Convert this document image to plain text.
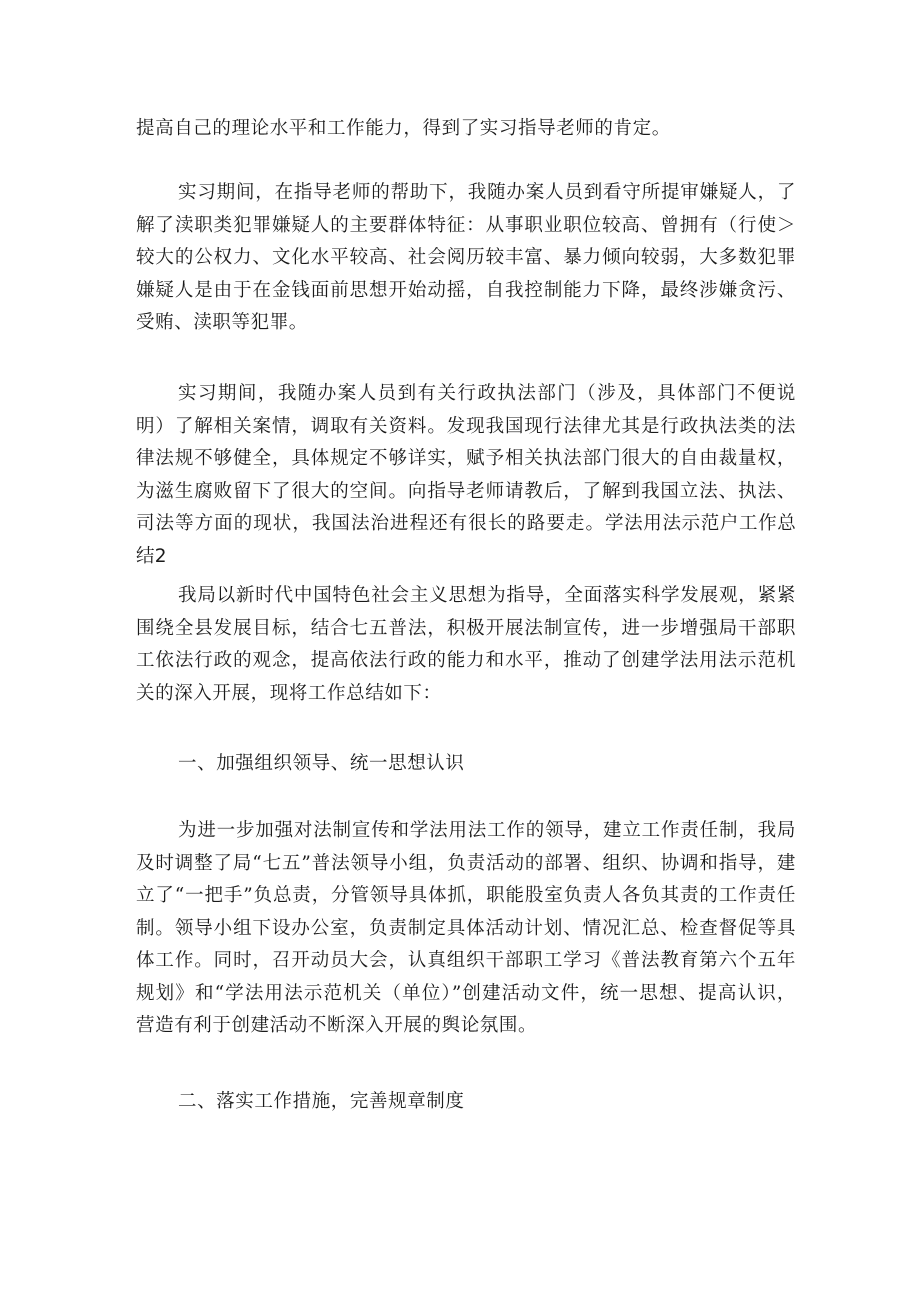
提高自己的理论水平和工作能力，得到了实习指导老师的肯定。

实习期间，在指导老师的帮助下，我随办案人员到看守所提审嫌疑人，了解了渎职类犯罪嫌疑人的主要群体特征：从事职业职位较高、曾拥有（行使＞较大的公权力、文化水平较高、社会阅历较丰富、暴力倾向较弱，大多数犯罪嫌疑人是由于在金钱面前思想开始动摇，自我控制能力下降，最终涉嫌贪污、受贿、渎职等犯罪。

实习期间，我随办案人员到有关行政执法部门（涉及，具体部门不便说明）了解相关案情，调取有关资料。发现我国现行法律尤其是行政执法类的法律法规不够健全，具体规定不够详实，赋予相关执法部门很大的自由裁量权，为滋生腐败留下了很大的空间。向指导老师请教后，了解到我国立法、执法、司法等方面的现状，我国法治进程还有很长的路要走。学法用法示范户工作总结2

我局以新时代中国特色社会主义思想为指导，全面落实科学发展观，紧紧围绕全县发展目标，结合七五普法，积极开展法制宣传，进一步增强局干部职工依法行政的观念，提高依法行政的能力和水平，推动了创建学法用法示范机关的深入开展，现将工作总结如下：

一、加强组织领导、统一思想认识

为进一步加强对法制宣传和学法用法工作的领导，建立工作责任制，我局及时调整了局“七五”普法领导小组，负责活动的部署、组织、协调和指导，建立了“一把手”负总责，分管领导具体抓，职能股室负责人各负其责的工作责任制。领导小组下设办公室，负责制定具体活动计划、情况汇总、检查督促等具体工作。同时，召开动员大会，认真组织干部职工学习《普法教育第六个五年规划》和“学法用法示范机关（单位）”创建活动文件，统一思想、提高认识，营造有利于创建活动不断深入开展的舆论氛围。

二、落实工作措施，完善规章制度
